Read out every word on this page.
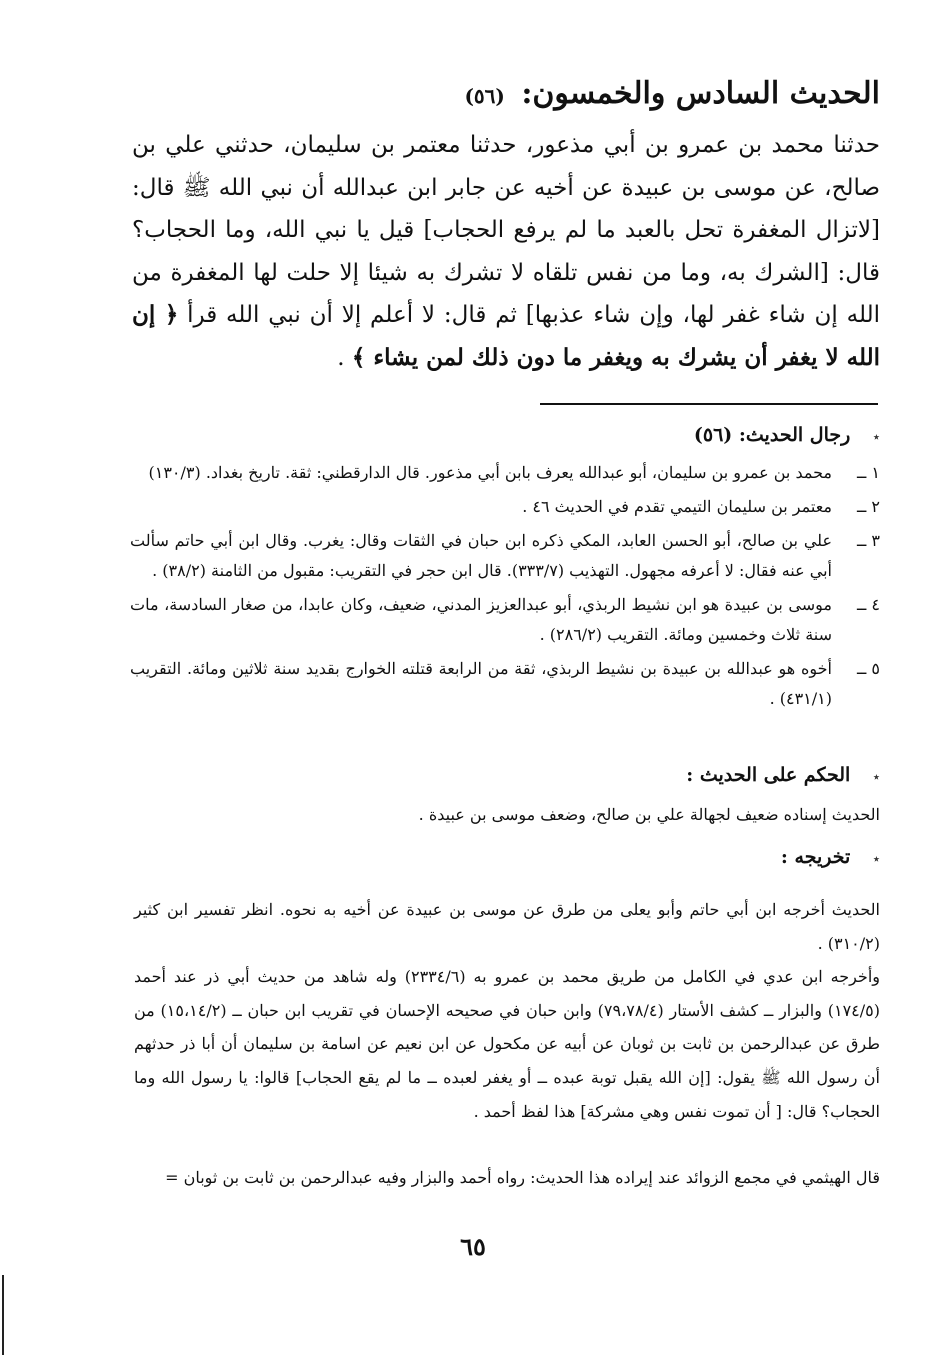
الحديث السادس والخمسون: (٥٦)
حدثنا محمد بن عمرو بن أبي مذعور، حدثنا معتمر بن سليمان، حدثني علي بن صالح، عن موسى بن عبيدة عن أخيه عن جابر ابن عبدالله أن نبي الله ﷺ قال: [لاتزال المغفرة تحل بالعبد ما لم يرفع الحجاب] قيل يا نبي الله، وما الحجاب؟ قال: [الشرك به، وما من نفس تلقاه لا تشرك به شيئا إلا حلت لها المغفرة من الله إن شاء غفر لها، وإن شاء عذبها] ثم قال: لا أعلم إلا أن نبي الله قرأ ﴿ إن الله لا يغفر أن يشرك به ويغفر ما دون ذلك لمن يشاء ﴾ .
٭ رجال الحديث: (٥٦)
١ ــ
محمد بن عمرو بن سليمان، أبو عبدالله يعرف بابن أبي مذعور. قال الدارقطني: ثقة. تاريخ بغداد. (١٣٠/٣)
٢ ــ
معتمر بن سليمان التيمي تقدم في الحديث ٤٦ .
٣ ــ
علي بن صالح، أبو الحسن العابد، المكي ذكره ابن حبان في الثقات وقال: يغرب. وقال ابن أبي حاتم سألت أبي عنه فقال: لا أعرفه مجهول. التهذيب (٣٣٣/٧). قال ابن حجر في التقريب: مقبول من الثامنة (٣٨/٢) .
٤ ــ
موسى بن عبيدة هو ابن نشيط الربذي، أبو عبدالعزيز المدني، ضعيف، وكان عابدا، من صغار السادسة، مات سنة ثلاث وخمسين ومائة. التقريب (٢٨٦/٢) .
٥ ــ
أخوه هو عبدالله بن عبيدة بن نشيط الربذي، ثقة من الرابعة قتلته الخوارج بقديد سنة ثلاثين ومائة. التقريب (٤٣١/١) .
٭ الحكم على الحديث :
الحديث إسناده ضعيف لجهالة علي بن صالح، وضعف موسى بن عبيدة .
٭ تخريجه :

الحديث أخرجه ابن أبي حاتم وأبو يعلى من طرق عن موسى بن عبيدة عن أخيه به نحوه. انظر تفسير ابن كثير (٣١٠/٢) .

وأخرجه ابن عدي في الكامل من طريق محمد بن عمرو به (٢٣٣٤/٦) وله شاهد من حديث أبي ذر عند أحمد (١٧٤/٥) والبزار ــ كشف الأستار (٧٩،٧٨/٤) وابن حبان في صحيحه الإحسان في تقريب ابن حبان ــ (١٥،١٤/٢) من طرق عن عبدالرحمن بن ثابت بن ثوبان عن أبيه عن مكحول عن ابن نعيم عن اسامة بن سليمان أن أبا ذر حدثهم أن رسول الله ﷺ يقول: [إن الله يقبل توبة عبده ــ أو يغفر لعبده ــ ما لم يقع الحجاب] قالوا: يا رسول الله وما الحجاب؟ قال: [ أن تموت نفس وهي مشركة] هذا لفظ أحمد .

قال الهيثمي في مجمع الزوائد عند إيراده هذا الحديث: رواه أحمد والبزار وفيه عبدالرحمن بن ثابت بن ثوبان =
٦٥
